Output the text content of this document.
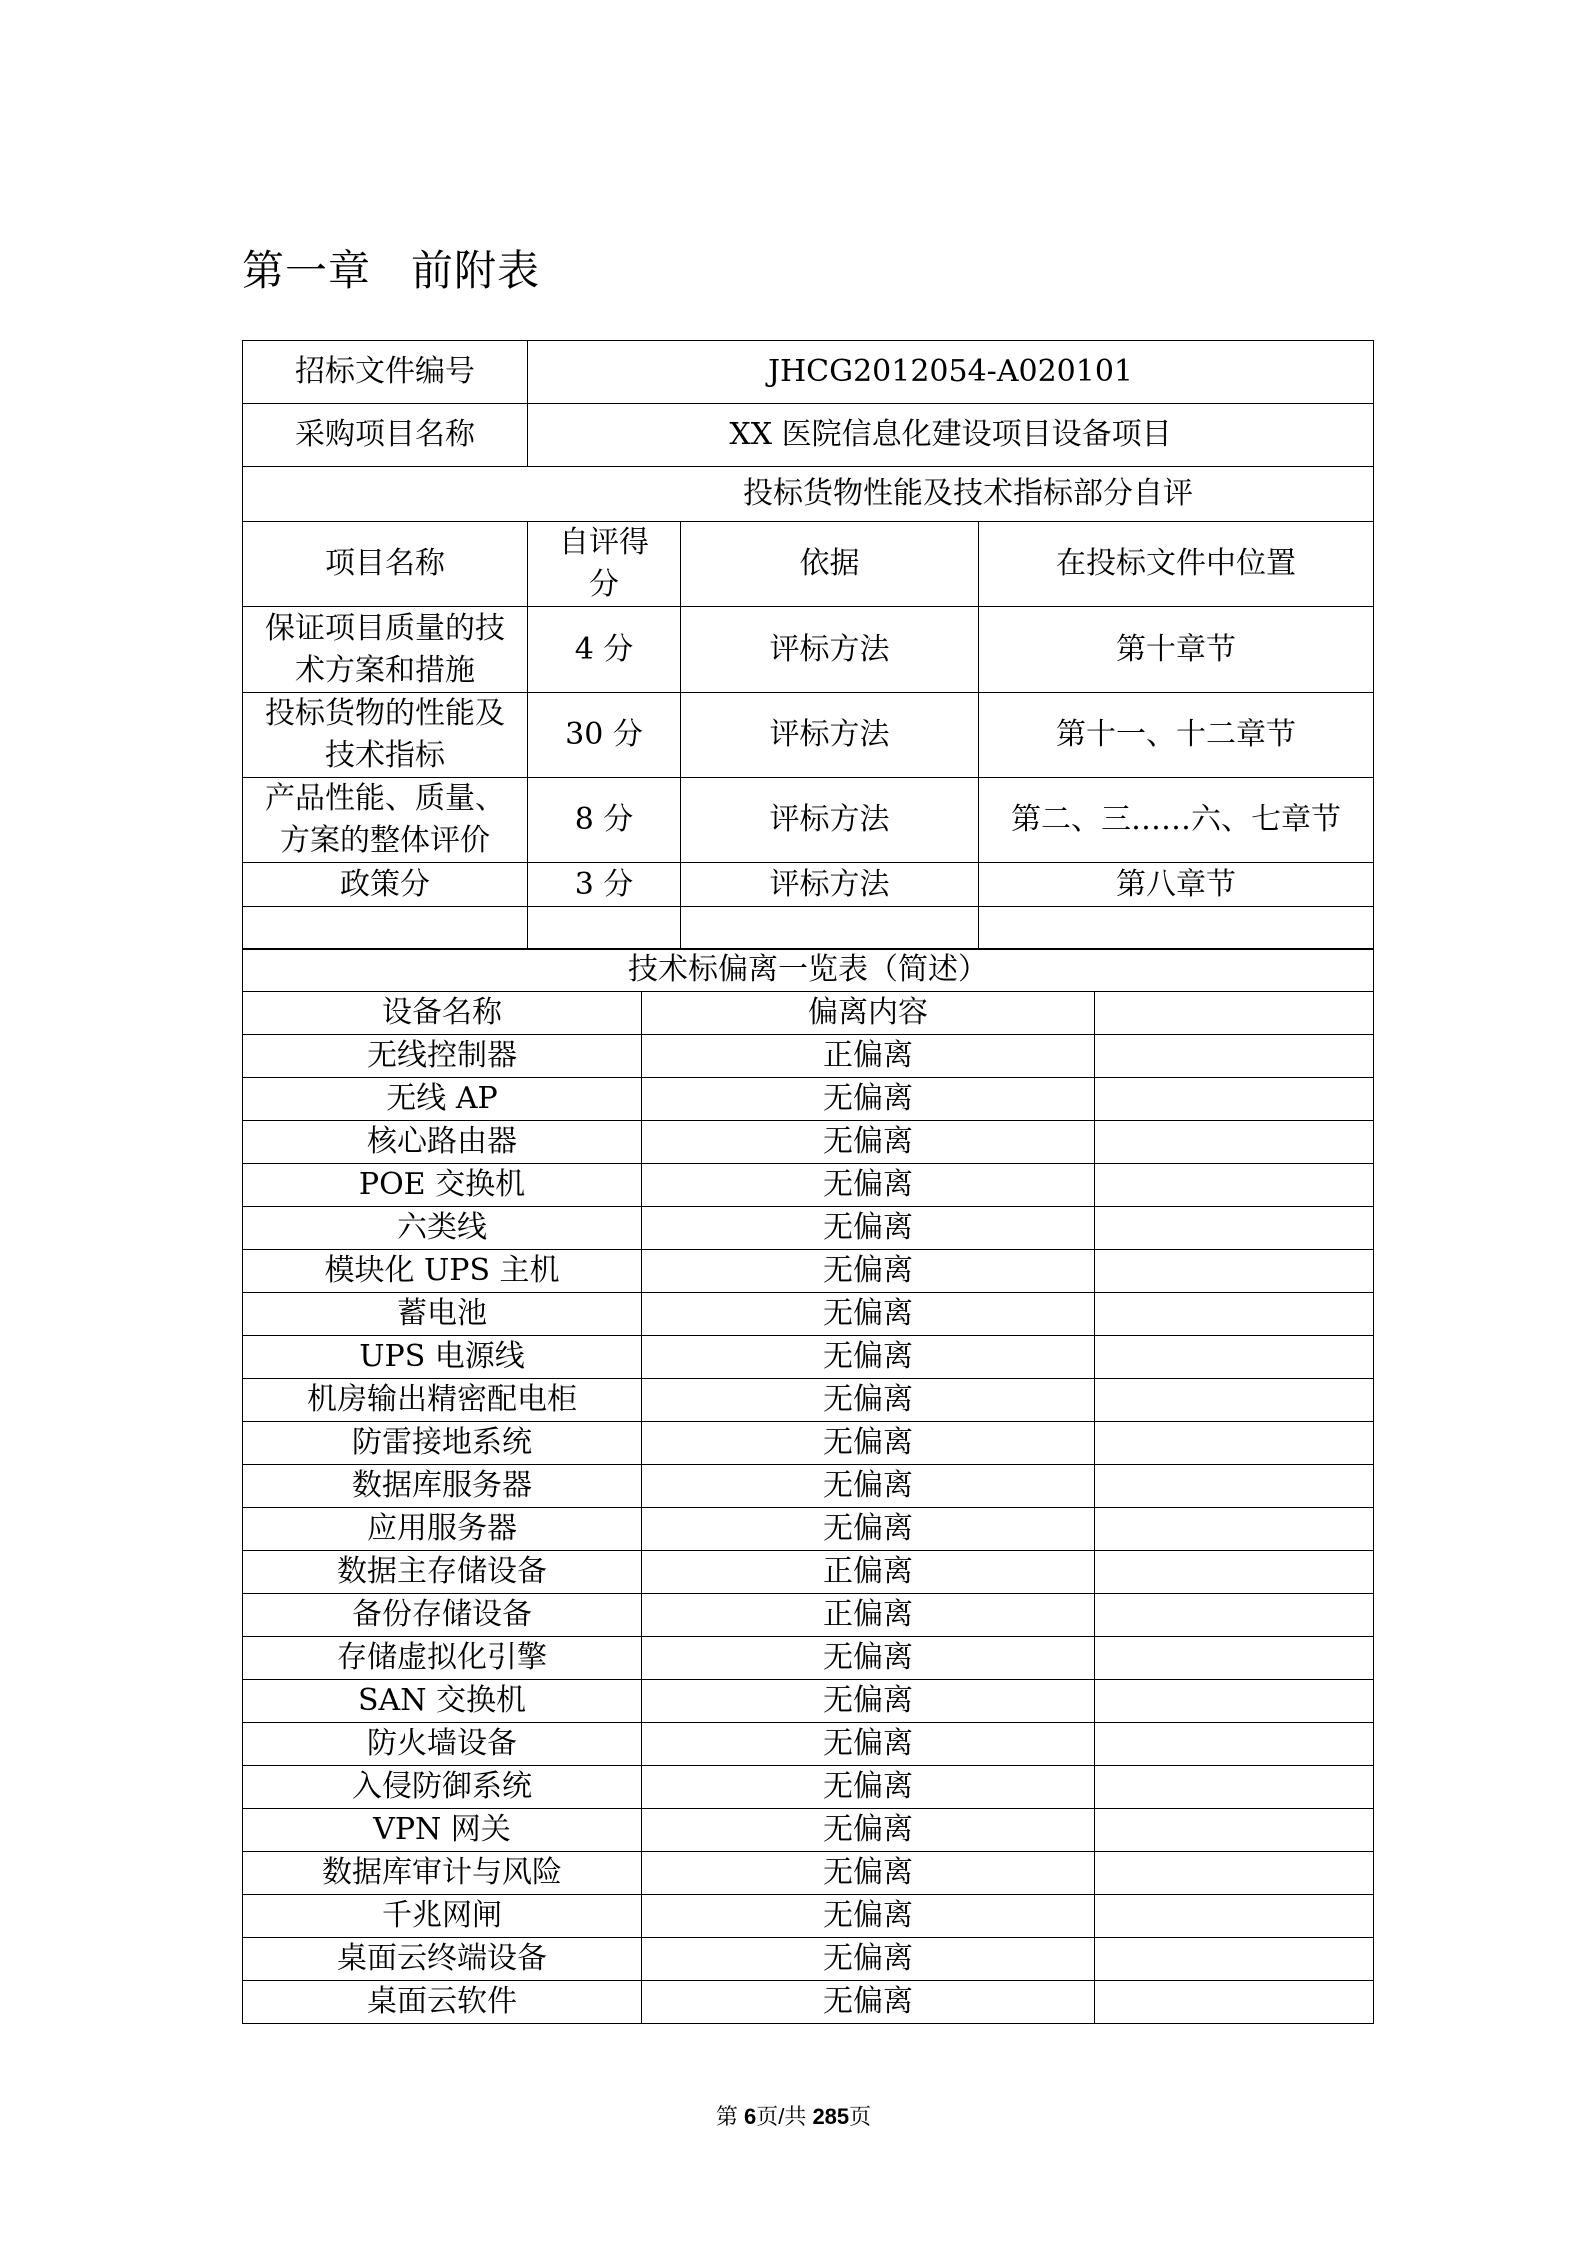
第一章 前附表
招标文件编号	JHCG2012054-A020101		
采购项目名称	XX 医院信息化建设项目设备项目		
投标货物性能及技术指标部分自评			
项目名称	自评得分	依据	在投标文件中位置
保证项目质量的技术方案和措施	4 分	评标方法	第十章节
投标货物的性能及技术指标	30 分	评标方法	第十一、十二章节
产品性能、质量、方案的整体评价	8 分	评标方法	第二、三……六、七章节
政策分	3 分	评标方法	第八章节

技术标偏离一览表（简述）		
设备名称	偏离内容	
无线控制器	正偏离	
无线 AP	无偏离	
核心路由器	无偏离	
POE 交换机	无偏离	
六类线	无偏离	
模块化 UPS 主机	无偏离	
蓄电池	无偏离	
UPS 电源线	无偏离	
机房输出精密配电柜	无偏离	
防雷接地系统	无偏离	
数据库服务器	无偏离	
应用服务器	无偏离	
数据主存储设备	正偏离	
备份存储设备	正偏离	
存储虚拟化引擎	无偏离	
SAN 交换机	无偏离	
防火墙设备	无偏离	
入侵防御系统	无偏离	
VPN 网关	无偏离	
数据库审计与风险	无偏离	
千兆网闸	无偏离	
桌面云终端设备	无偏离	
桌面云软件	无偏离	
第 6页/共 285页
